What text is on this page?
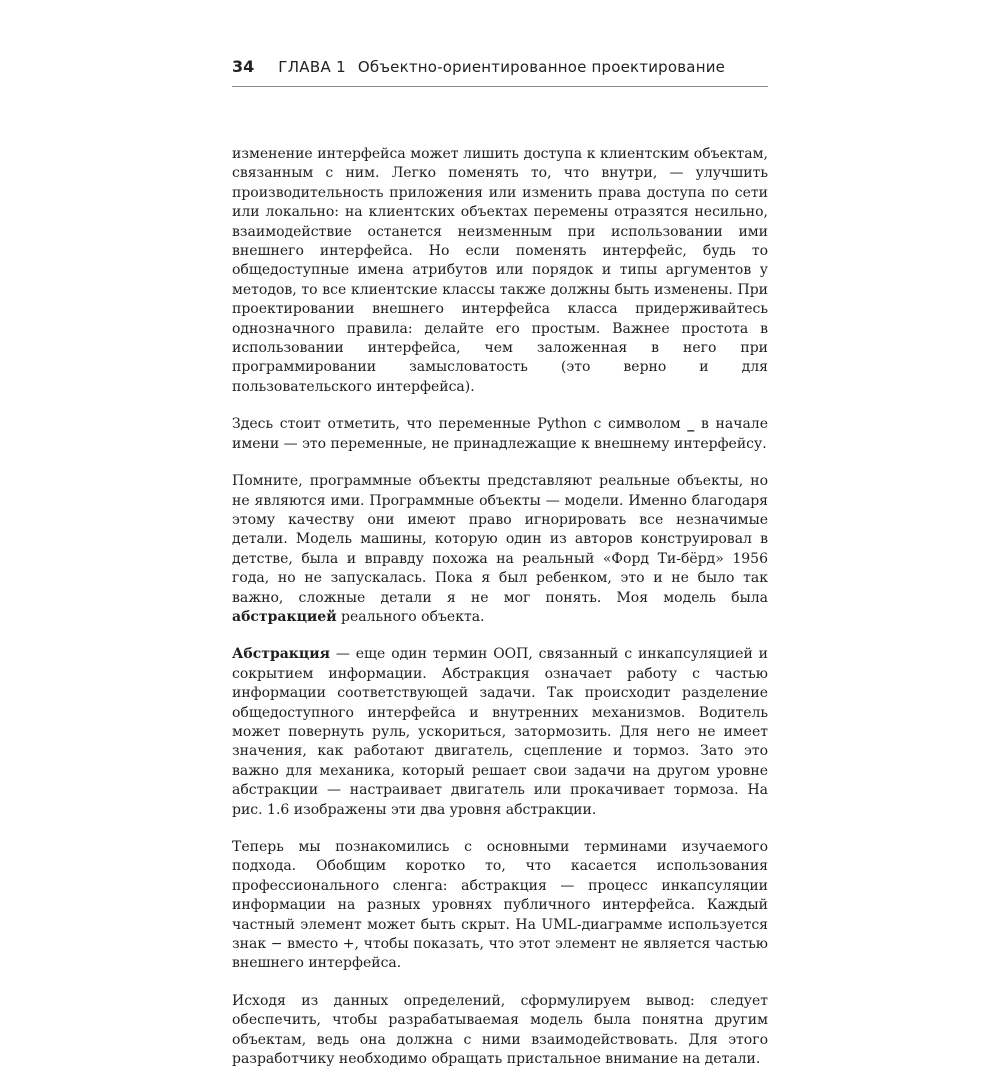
34 ГЛАВА 1 Объектно-ориентированное проектирование

изменение интерфейса может лишить доступа к клиентским объектам, связанным с ним. Легко поменять то, что внутри, — улучшить производительность приложения или изменить права доступа по сети или локально: на клиентских объектах перемены отразятся несильно, взаимодействие останется неизменным при использовании ими внешнего интерфейса. Но если поменять интерфейс, будь то общедоступные имена атрибутов или порядок и типы аргументов у методов, то все клиентские классы также должны быть изменены. При проектировании внешнего интерфейса класса придерживайтесь однозначного правила: делайте его простым. Важнее простота в использовании интерфейса, чем заложенная в него при программировании замысловатость (это верно и для пользовательского интерфейса).

Здесь стоит отметить, что переменные Python с символом _ в начале имени — это переменные, не принадлежащие к внешнему интерфейсу.

Помните, программные объекты представляют реальные объекты, но не являются ими. Программные объекты — модели. Именно благодаря этому качеству они имеют право игнорировать все незначимые детали. Модель машины, которую один из авторов конструировал в детстве, была и вправду похожа на реальный «Форд Ти-бёрд» 1956 года, но не запускалась. Пока я был ребенком, это и не было так важно, сложные детали я не мог понять. Моя модель была абстракцией реального объекта.

Абстракция — еще один термин ООП, связанный с инкапсуляцией и сокрытием информации. Абстракция означает работу с частью информации соответствующей задачи. Так происходит разделение общедоступного интерфейса и внутренних механизмов. Водитель может повернуть руль, ускориться, затормозить. Для него не имеет значения, как работают двигатель, сцепление и тормоз. Зато это важно для механика, который решает свои задачи на другом уровне абстракции — настраивает двигатель или прокачивает тормоза. На рис. 1.6 изображены эти два уровня абстракции.

Теперь мы познакомились с основными терминами изучаемого подхода. Обобщим коротко то, что касается использования профессионального сленга: абстракция — процесс инкапсуляции информации на разных уровнях публичного интерфейса. Каждый частный элемент может быть скрыт. На UML-диаграмме используется знак − вместо +, чтобы показать, что этот элемент не является частью внешнего интерфейса.

Исходя из данных определений, сформулируем вывод: следует обеспечить, чтобы разрабатываемая модель была понятна другим объектам, ведь она должна с ними взаимодействовать. Для этого разработчику необходимо обращать пристальное внимание на детали.
